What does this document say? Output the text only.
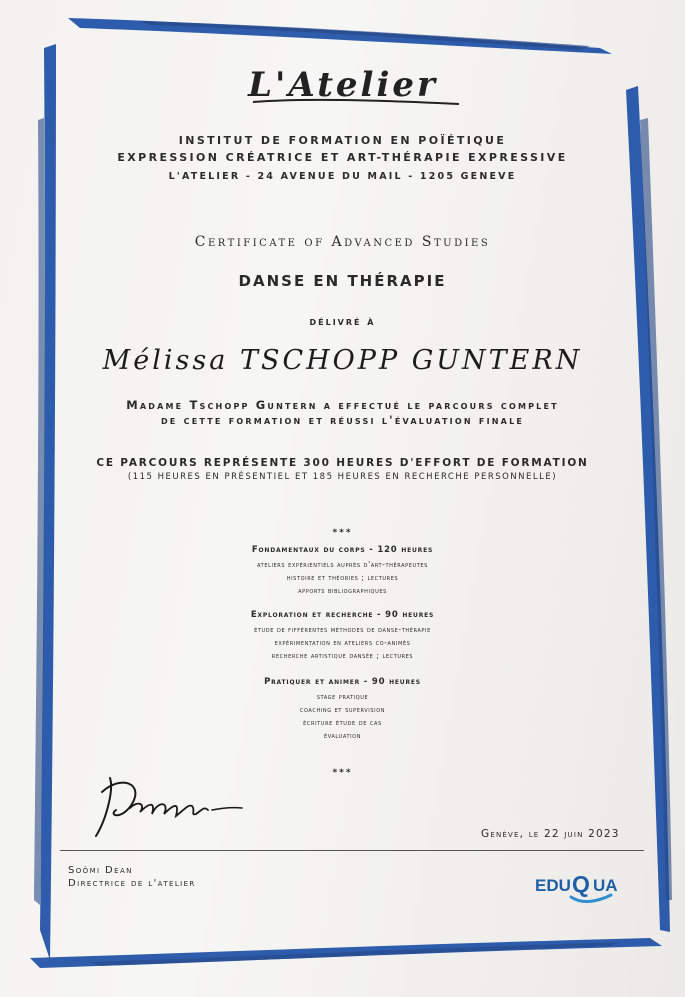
L'Atelier
INSTITUT DE FORMATION EN POÏÉTIQUE
EXPRESSION CRÉATRICE ET ART-THÉRAPIE EXPRESSIVE
L'ATELIER - 24 AVENUE DU MAIL - 1205 GENEVE
Certificate of Advanced Studies
DANSE EN THÉRAPIE
délivré à
Mélissa TSCHOPP GUNTERN
Madame Tschopp Guntern a effectué le parcours complet
de cette formation et réussi l'évaluation finale
CE PARCOURS REPRÉSENTE 300 HEURES D'EFFORT DE FORMATION
(115 HEURES EN PRÉSENTIEL ET 185 HEURES EN RECHERCHE PERSONNELLE)
***
Fondamentaux du corps - 120 heures
ateliers expérientiels auprès d'art-thérapeutes
histoire et théories ; lectures
apports bibliographiques
Exploration et recherche - 90 heures
étude de fifférentes méthodes de danse-thérapie
expérimentation en ateliers co-animés
recherche artistique dansée ; lectures
Pratiquer et animer - 90 heures
stage pratique
coaching et supervision
écriture étude de cas
évaluation
***
Genève, le 22 juin 2023
Soômi Dean
Directrice de l'atelier	EDU Q UA
